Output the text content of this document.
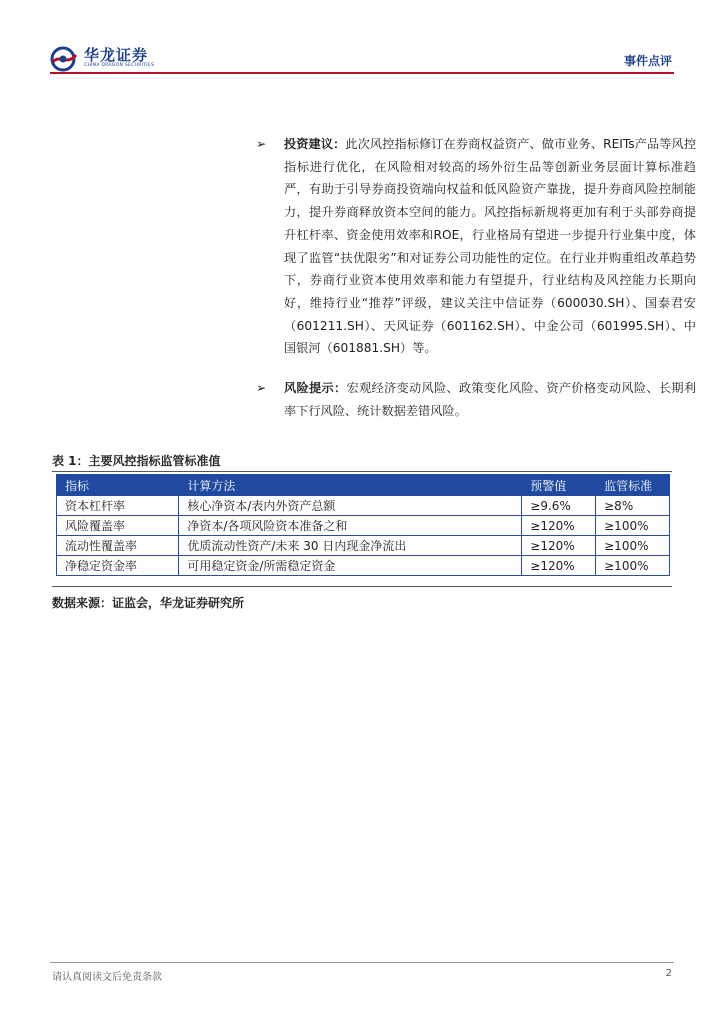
华龙证券
CHINA DRAGON SECURITIES	事件点评
➢	投资建议：此次风控指标修订在券商权益资产、做市业务、REITs产品等风控指标进行优化，在风险相对较高的场外衍生品等创新业务层面计算标准趋严，有助于引导券商投资端向权益和低风险资产靠拢，提升券商风险控制能力，提升券商释放资本空间的能力。风控指标新规将更加有利于头部券商提升杠杆率、资金使用效率和ROE，行业格局有望进一步提升行业集中度，体现了监管“扶优限劣”和对证券公司功能性的定位。在行业并购重组改革趋势下，券商行业资本使用效率和能力有望提升，行业结构及风控能力长期向好，维持行业“推荐”评级，建议关注中信证券（600030.SH）、国泰君安（601211.SH）、天风证券（601162.SH）、中金公司（601995.SH）、中国银河（601881.SH）等。
➢	风险提示：宏观经济变动风险、政策变化风险、资产价格变动风险、长期利率下行风险、统计数据差错风险。
表 1：主要风控指标监管标准值
指标	计算方法	预警值	监管标准
资本杠杆率	核心净资本/表内外资产总额	≥9.6%	≥8%
风险覆盖率	净资本/各项风险资本准备之和	≥120%	≥100%
流动性覆盖率	优质流动性资产/未来 30 日内现金净流出	≥120%	≥100%
净稳定资金率	可用稳定资金/所需稳定资金	≥120%	≥100%
数据来源：证监会，华龙证券研究所
请认真阅读文后免责条款	2
